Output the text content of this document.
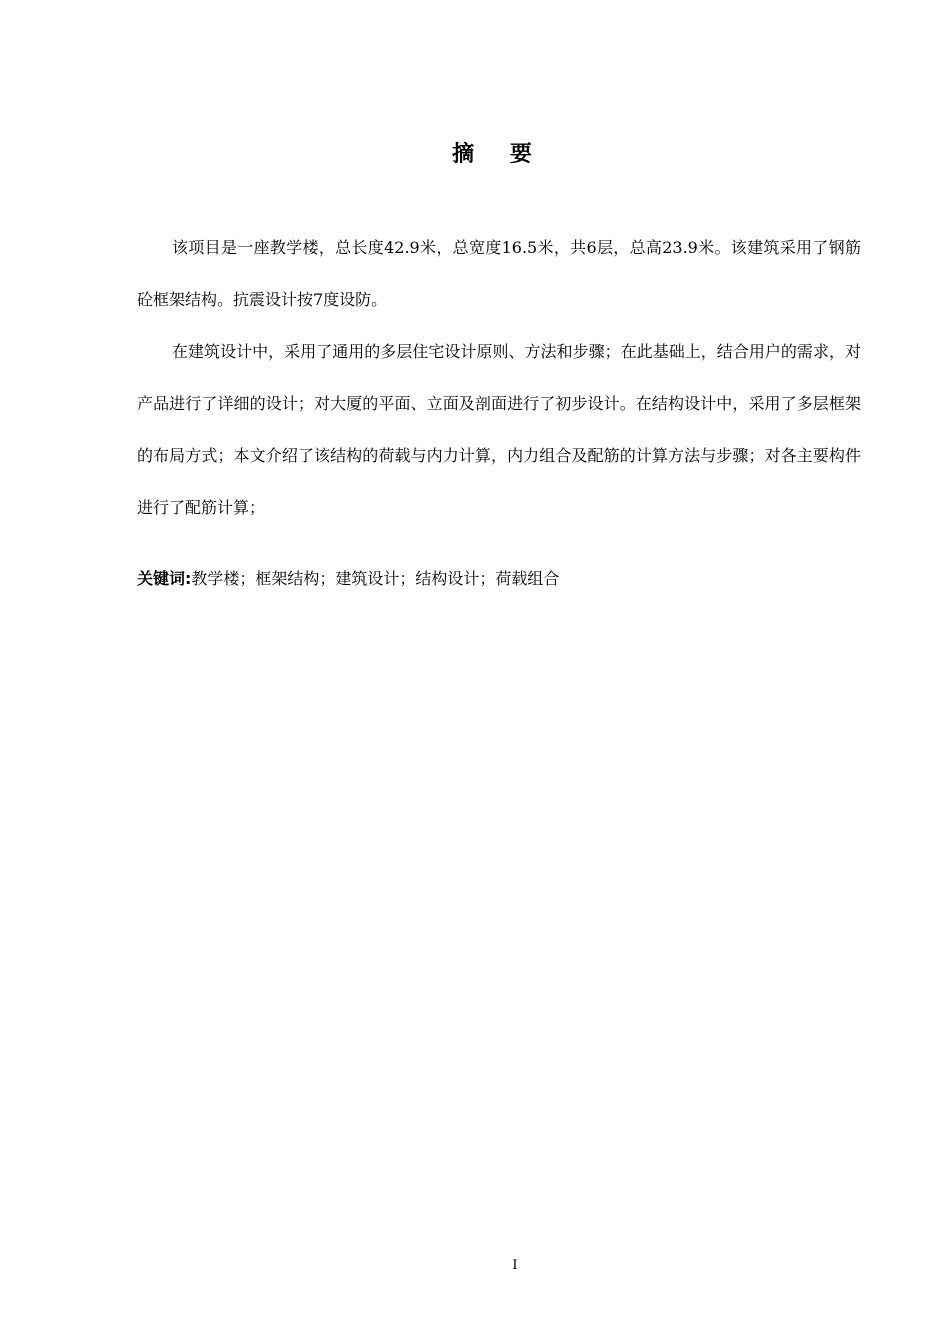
摘 要

该项目是一座教学楼，总长度42.9米，总宽度16.5米，共6层，总高23.9米。该建筑采用了钢筋砼框架结构。抗震设计按7度设防。

在建筑设计中，采用了通用的多层住宅设计原则、方法和步骤；在此基础上，结合用户的需求，对产品进行了详细的设计；对大厦的平面、立面及剖面进行了初步设计。在结构设计中，采用了多层框架的布局方式；本文介绍了该结构的荷载与内力计算，内力组合及配筋的计算方法与步骤；对各主要构件进行了配筋计算；

关键词:教学楼；框架结构；建筑设计；结构设计；荷载组合
I
